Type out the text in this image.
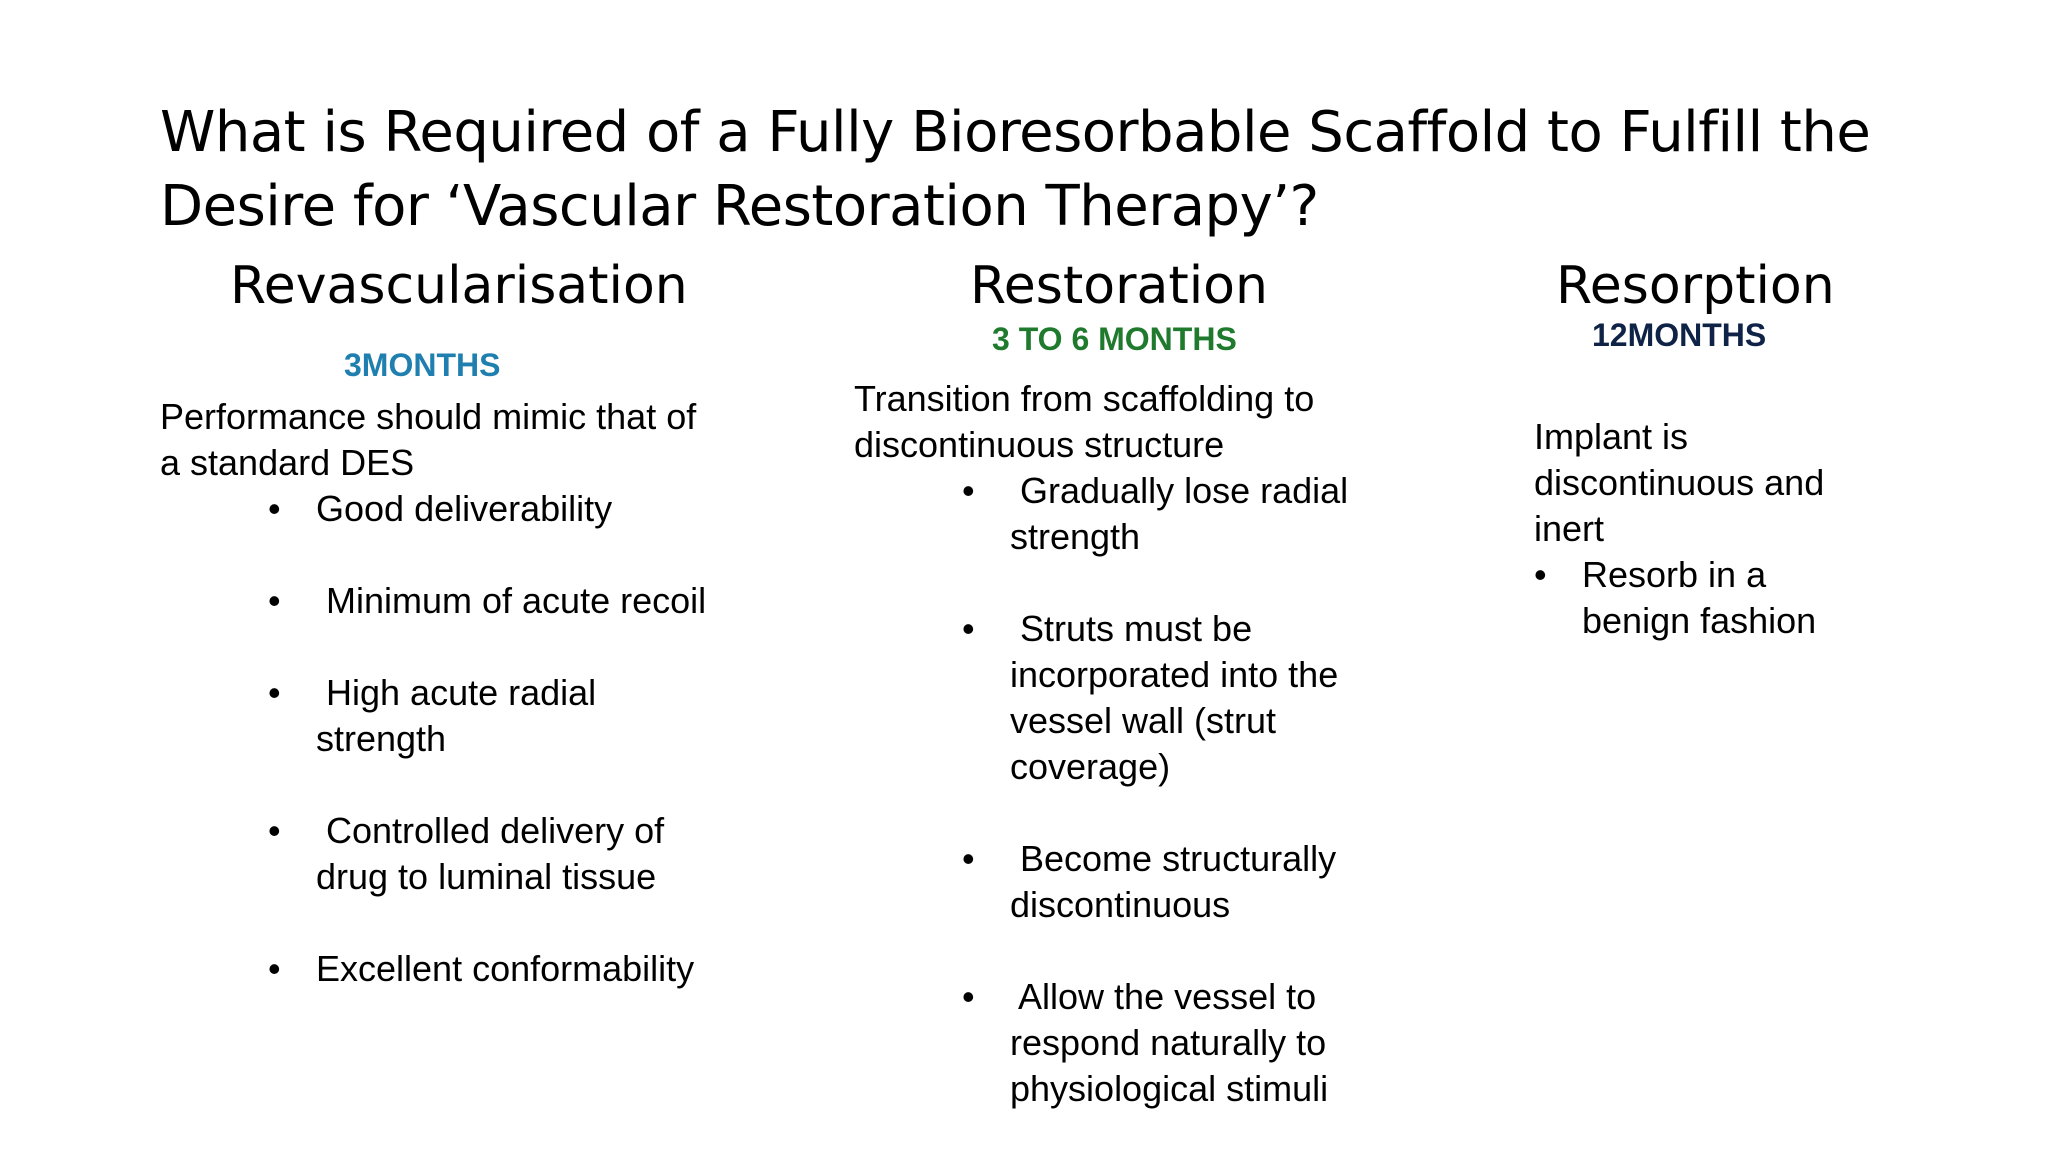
What is Required of a Fully Bioresorbable Scaffold to Fulfill the
Desire for ‘Vascular Restoration Therapy’?
Revascularisation
3MONTHS
Performance should mimic that of
a standard DES
• Good deliverability
• Minimum of acute recoil
• High acute radial
strength
• Controlled delivery of
drug to luminal tissue
• Excellent conformability
Restoration
3 TO 6 MONTHS
Transition from scaffolding to
discontinuous structure
• Gradually lose radial
strength
• Struts must be
incorporated into the
vessel wall (strut
coverage)
• Become structurally
discontinuous
• Allow the vessel to
respond naturally to
physiological stimuli
Resorption
12MONTHS
Implant is
discontinuous and
inert
• Resorb in a
benign fashion
